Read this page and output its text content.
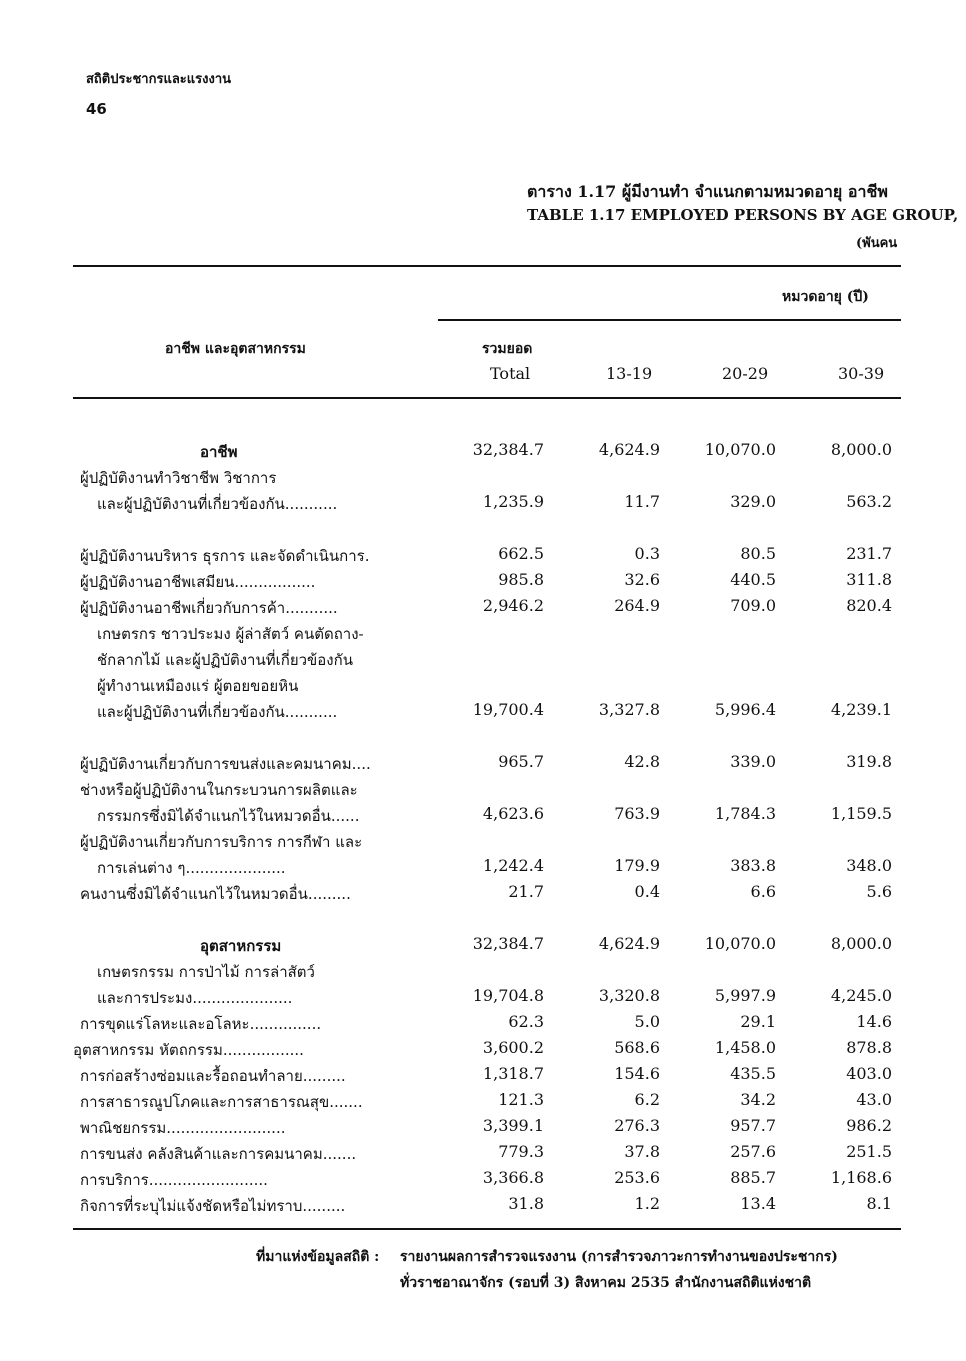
สถิติประชากรและแรงงาน
46
ตาราง 1.17 ผู้มีงานทำ จำแนกตามหมวดอายุ อาชีพ
TABLE 1.17 EMPLOYED PERSONS BY AGE GROUP,
(พันคน
หมวดอายุ (ปี)
อาชีพ และอุตสาหกรรม	รวมยอด
Total	13-19	20-29	30-39
อาชีพ	32,384.7	4,624.9	10,070.0	8,000.0
ผู้ปฏิบัติงานทำวิชาชีพ วิชาการ
และผู้ปฏิบัติงานที่เกี่ยวข้องกัน...........	1,235.9	11.7	329.0	563.2
ผู้ปฏิบัติงานบริหาร ธุรการ และจัดดำเนินการ.	662.5	0.3	80.5	231.7
ผู้ปฏิบัติงานอาชีพเสมียน.................	985.8	32.6	440.5	311.8
ผู้ปฏิบัติงานอาชีพเกี่ยวกับการค้า...........	2,946.2	264.9	709.0	820.4
เกษตรกร ชาวประมง ผู้ล่าสัตว์ คนตัดถาง-
ชักลากไม้ และผู้ปฏิบัติงานที่เกี่ยวข้องกัน
ผู้ทำงานเหมืองแร่ ผู้ตอยขอยหิน
และผู้ปฏิบัติงานที่เกี่ยวข้องกัน...........	19,700.4	3,327.8	5,996.4	4,239.1
ผู้ปฏิบัติงานเกี่ยวกับการขนส่งและคมนาคม....	965.7	42.8	339.0	319.8
ช่างหรือผู้ปฏิบัติงานในกระบวนการผลิตและ
กรรมกรซึ่งมิได้จำแนกไว้ในหมวดอื่น......	4,623.6	763.9	1,784.3	1,159.5
ผู้ปฏิบัติงานเกี่ยวกับการบริการ การกีฬา และ
การเล่นต่าง ๆ.....................	1,242.4	179.9	383.8	348.0
คนงานซึ่งมิได้จำแนกไว้ในหมวดอื่น.........	21.7	0.4	6.6	5.6
อุตสาหกรรม	32,384.7	4,624.9	10,070.0	8,000.0
เกษตรกรรม การป่าไม้ การล่าสัตว์
และการประมง.....................	19,704.8	3,320.8	5,997.9	4,245.0
การขุดแร่โลหะและอโลหะ...............	62.3	5.0	29.1	14.6
อุตสาหกรรม หัตถกรรม.................	3,600.2	568.6	1,458.0	878.8
การก่อสร้างซ่อมและรื้อถอนทำลาย.........	1,318.7	154.6	435.5	403.0
การสาธารณูปโภคและการสาธารณสุข.......	121.3	6.2	34.2	43.0
พาณิชยกรรม.........................	3,399.1	276.3	957.7	986.2
การขนส่ง คลังสินค้าและการคมนาคม.......	779.3	37.8	257.6	251.5
การบริการ.........................	3,366.8	253.6	885.7	1,168.6
กิจการที่ระบุไม่แจ้งชัดหรือไม่ทราบ.........	31.8	1.2	13.4	8.1
ที่มาแห่งข้อมูลสถิติ : รายงานผลการสำรวจแรงงาน (การสำรวจภาวะการทำงานของประชากร)
ทั่วราชอาณาจักร (รอบที่ 3) สิงหาคม 2535 สำนักงานสถิติแห่งชาติ
